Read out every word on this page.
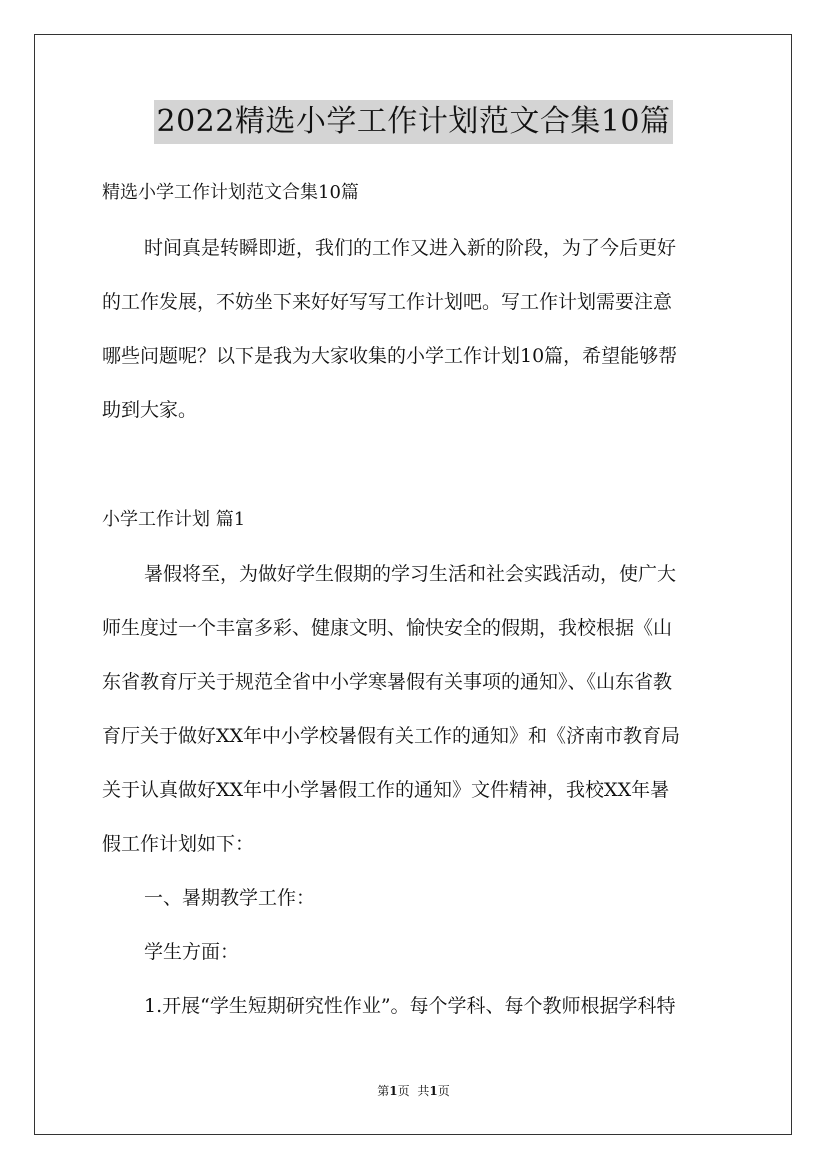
2022精选小学工作计划范文合集10篇
精选小学工作计划范文合集10篇
时间真是转瞬即逝，我们的工作又进入新的阶段，为了今后更好
的工作发展，不妨坐下来好好写写工作计划吧。写工作计划需要注意
哪些问题呢？以下是我为大家收集的小学工作计划10篇，希望能够帮
助到大家。
小学工作计划 篇1
暑假将至，为做好学生假期的学习生活和社会实践活动，使广大
师生度过一个丰富多彩、健康文明、愉快安全的假期，我校根据《山
东省教育厅关于规范全省中小学寒暑假有关事项的通知》、《山东省教
育厅关于做好XX年中小学校暑假有关工作的通知》和《济南市教育局
关于认真做好XX年中小学暑假工作的通知》文件精神，我校XX年暑
假工作计划如下：
一、暑期教学工作：
学生方面：
1.开展“学生短期研究性作业”。每个学科、每个教师根据学科特
第1页 共1页
